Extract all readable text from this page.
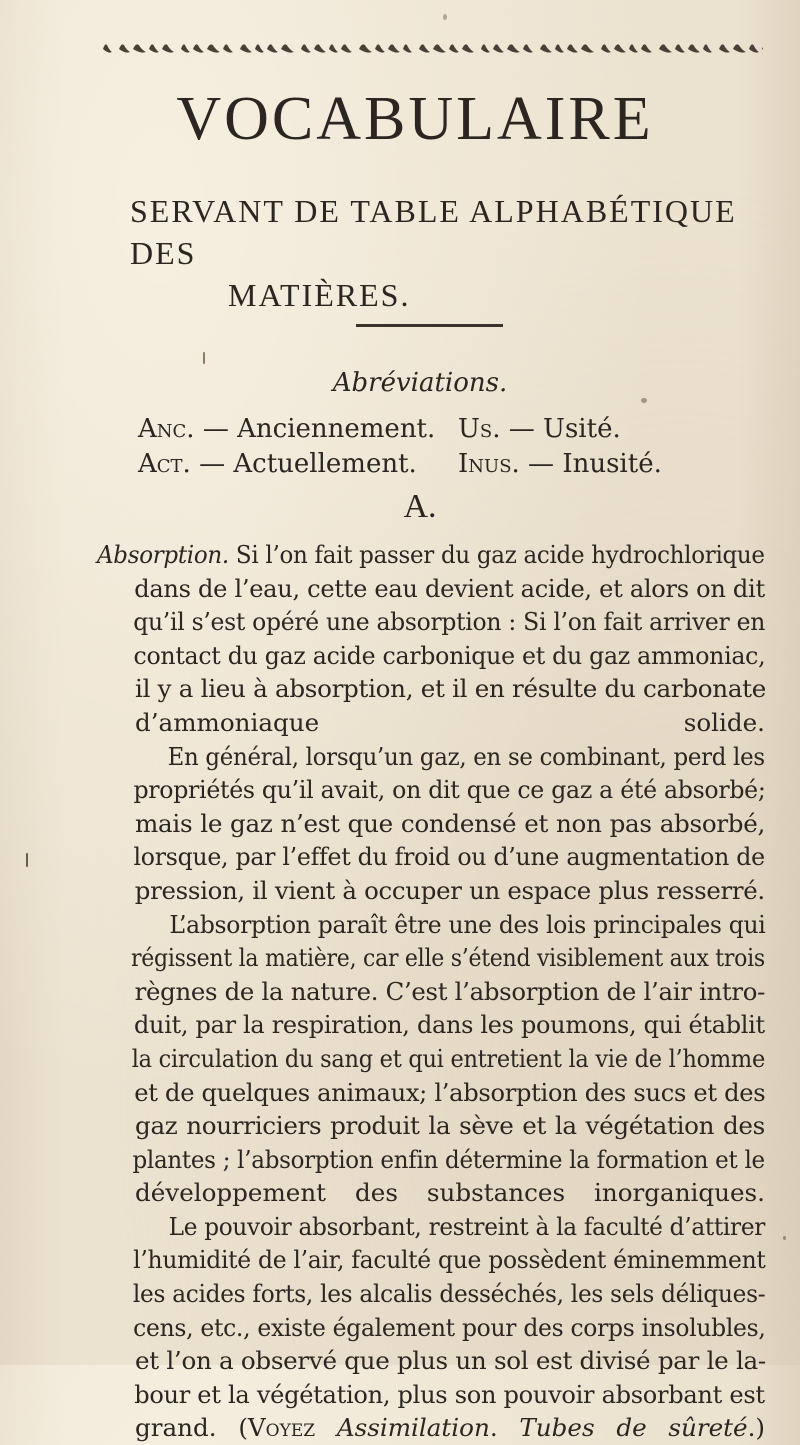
VOCABULAIRE
SERVANT DE TABLE ALPHABÉTIQUE DES
MATIÈRES.
Abréviations.
Anc. — Anciennement. Us. — Usité.
Act. — Actuellement. Inus. — Inusité.
A.

Absorption. Si l’on fait passer du gaz acide hydrochlorique
dans de l’eau, cette eau devient acide, et alors on dit
qu’il s’est opéré une absorption : Si l’on fait arriver en
contact du gaz acide carbonique et du gaz ammoniac,
il y a lieu à absorption, et il en résulte du carbonate
d’ammoniaque solide.

En général, lorsqu’un gaz, en se combinant, perd les
propriétés qu’il avait, on dit que ce gaz a été absorbé;
mais le gaz n’est que condensé et non pas absorbé,
lorsque, par l’effet du froid ou d’une augmentation de
pression, il vient à occuper un espace plus resserré.

L’absorption paraît être une des lois principales qui
régissent la matière, car elle s’étend visiblement aux trois
règnes de la nature. C’est l’absorption de l’air intro-
duit, par la respiration, dans les poumons, qui établit
la circulation du sang et qui entretient la vie de l’homme
et de quelques animaux; l’absorption des sucs et des
gaz nourriciers produit la sève et la végétation des
plantes ; l’absorption enfin détermine la formation et le
développement des substances inorganiques.

Le pouvoir absorbant, restreint à la faculté d’attirer
l’humidité de l’air, faculté que possèdent éminemment
les acides forts, les alcalis desséchés, les sels déliques-
cens, etc., existe également pour des corps insolubles,
et l’on a observé que plus un sol est divisé par le la-
bour et la végétation, plus son pouvoir absorbant est
grand. (Voyez Assimilation. Tubes de sûreté.)
